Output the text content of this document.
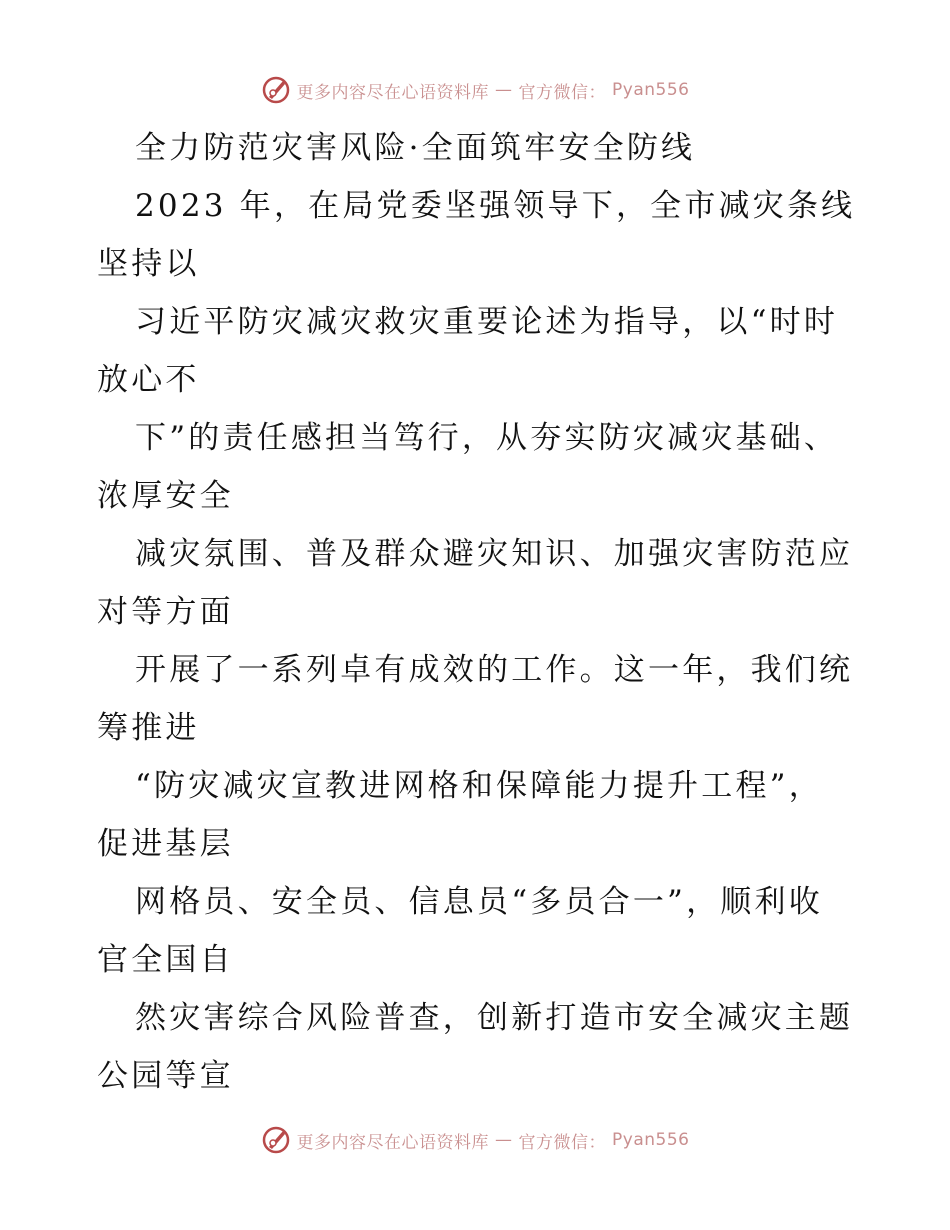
更多内容尽在心语资料库 — 官方微信： Pyan556
全力防范灾害风险·全面筑牢安全防线
2023 年，在局党委坚强领导下，全市减灾条线
坚持以
习近平防灾减灾救灾重要论述为指导，以“时时
放心不
下”的责任感担当笃行，从夯实防灾减灾基础、
浓厚安全
减灾氛围、普及群众避灾知识、加强灾害防范应
对等方面
开展了一系列卓有成效的工作。这一年，我们统
筹推进
“防灾减灾宣教进网格和保障能力提升工程”，
促进基层
网格员、安全员、信息员“多员合一”，顺利收
官全国自
然灾害综合风险普查，创新打造市安全减灾主题
公园等宣
更多内容尽在心语资料库 — 官方微信： Pyan556
